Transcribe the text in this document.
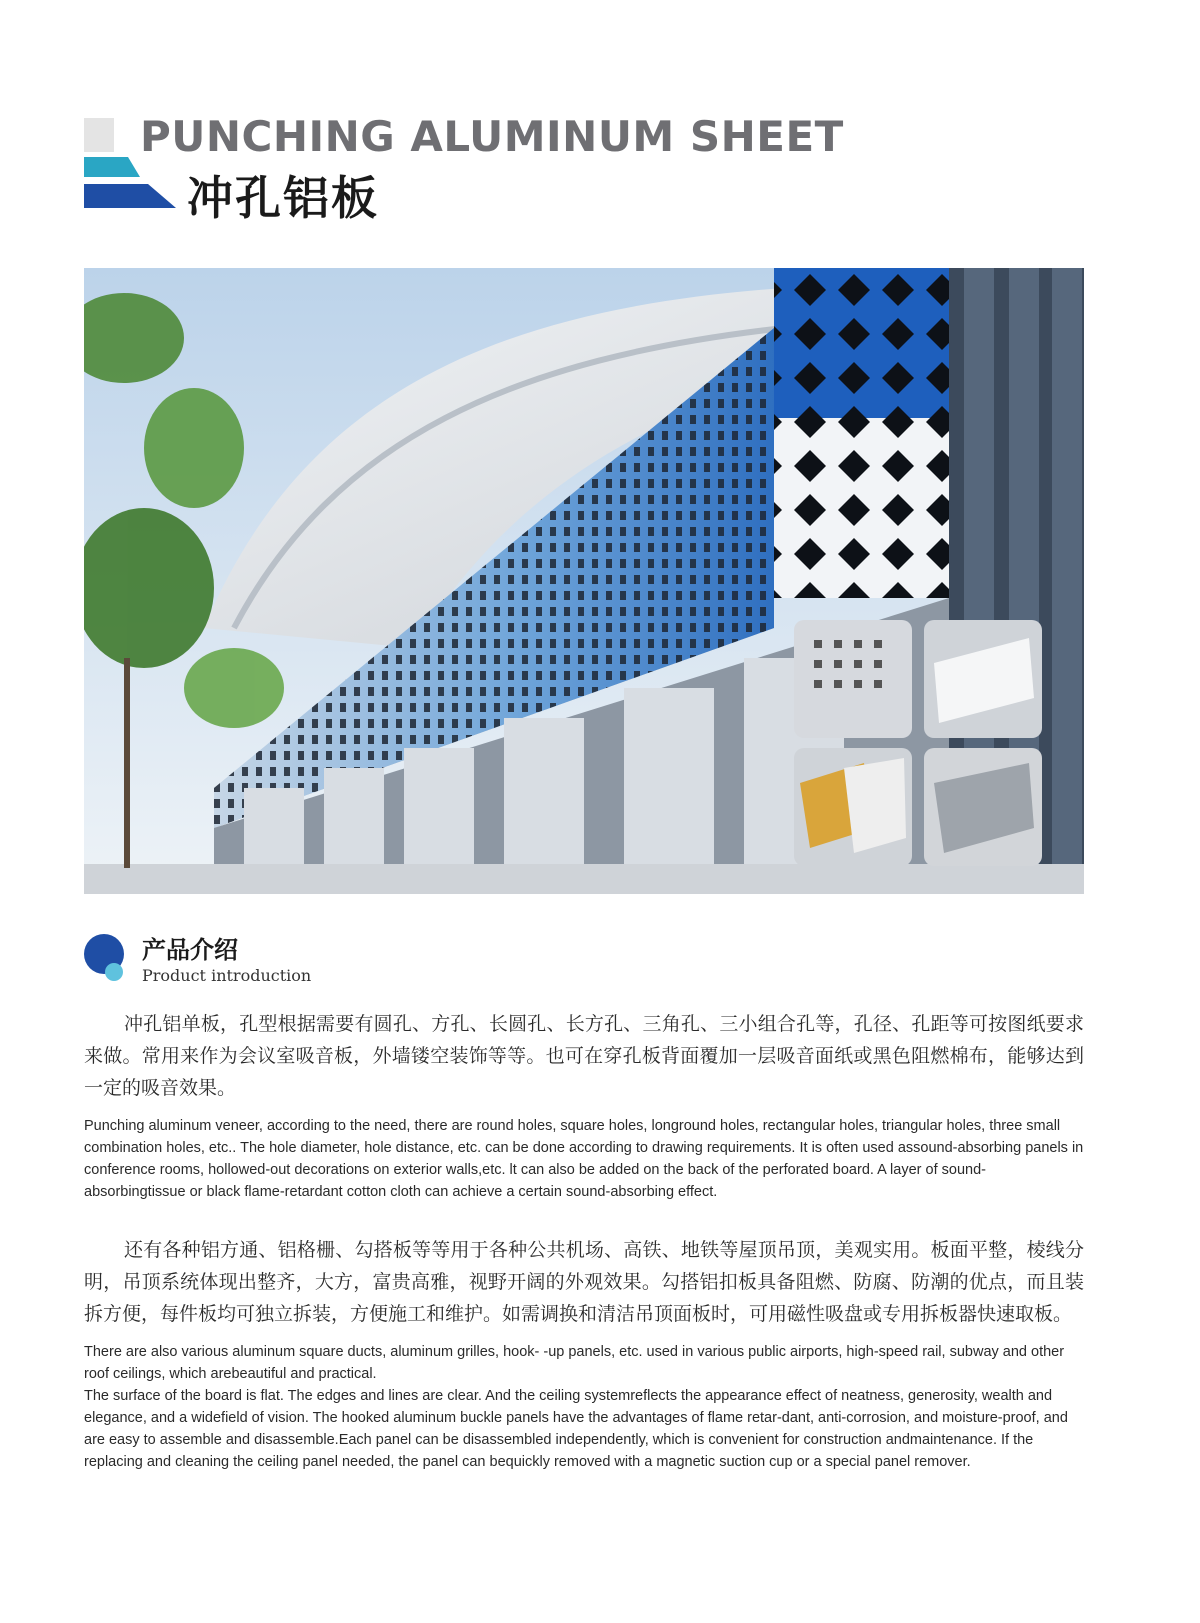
PUNCHING ALUMINUM SHEET
冲孔铝板
产品介绍
Product introduction

冲孔铝单板，孔型根据需要有圆孔、方孔、长圆孔、长方孔、三角孔、三小组合孔等，孔径、孔距等可按图纸要求来做。常用来作为会议室吸音板，外墙镂空装饰等等。也可在穿孔板背面覆加一层吸音面纸或黑色阻燃棉布，能够达到一定的吸音效果。

Punching aluminum veneer, according to the need, there are round holes, square holes, longround holes, rectangular holes, triangular holes, three small combination holes, etc.. The hole diameter, hole distance, etc. can be done according to drawing requirements. It is often used assound-absorbing panels in conference rooms, hollowed-out decorations on exterior walls,etc. lt can also be added on the back of the perforated board. A layer of sound-absorbingtissue or black flame-retardant cotton cloth can achieve a certain sound-absorbing effect.

还有各种铝方通、铝格栅、勾搭板等等用于各种公共机场、高铁、地铁等屋顶吊顶，美观实用。板面平整，棱线分明，吊顶系统体现出整齐，大方，富贵高雅，视野开阔的外观效果。勾搭铝扣板具备阻燃、防腐、防潮的优点，而且装拆方便，每件板均可独立拆装，方便施工和维护。如需调换和清洁吊顶面板时，可用磁性吸盘或专用拆板器快速取板。

There are also various aluminum square ducts, aluminum grilles, hook- -up panels, etc. used in various public airports, high-speed rail, subway and other roof ceilings, which arebeautiful and practical.

The surface of the board is flat. The edges and lines are clear. And the ceiling systemreflects the appearance effect of neatness, generosity, wealth and elegance, and a widefield of vision. The hooked aluminum buckle panels have the advantages of flame retar-dant, anti-corrosion, and moisture-proof, and are easy to assemble and disassemble.Each panel can be disassembled independently, which is convenient for construction andmaintenance. If the replacing and cleaning the ceiling panel needed, the panel can bequickly removed with a magnetic suction cup or a special panel remover.
